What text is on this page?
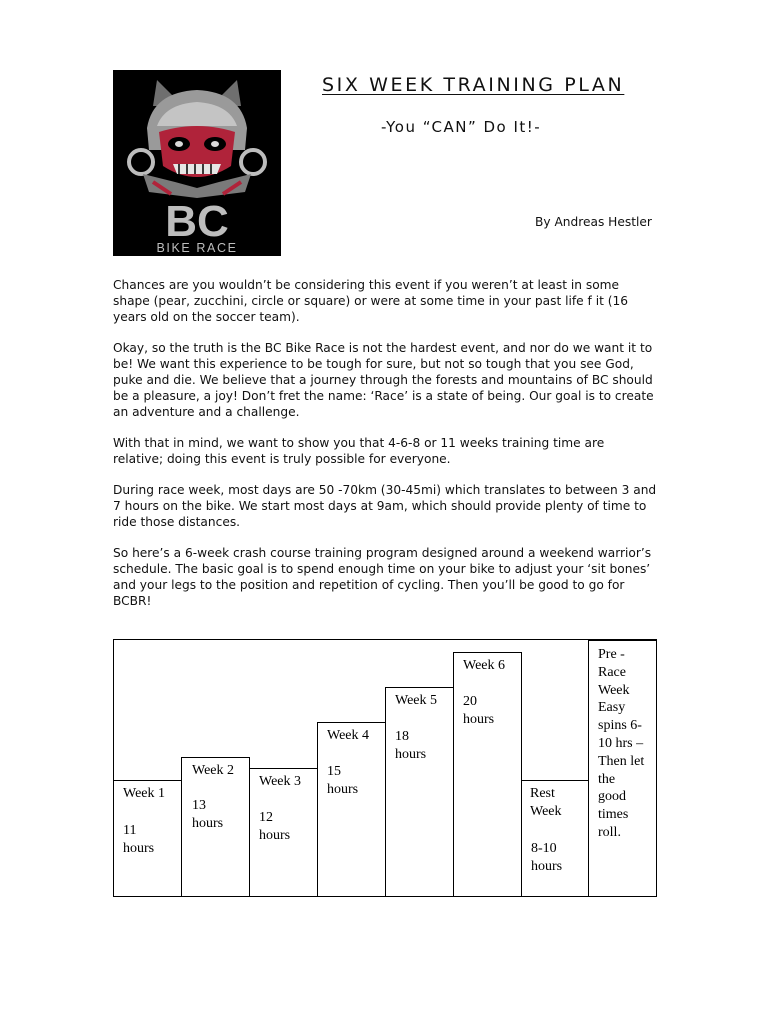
BC
BIKE RACE
SIX WEEK TRAINING PLAN
-You “CAN” Do It!-
By Andreas Hestler

Chances are you wouldn’t be considering this event if you weren’t at least in some shape (pear, zucchini, circle or square) or were at some time in your past life f it (16 years old on the soccer team).

Okay, so the truth is the BC Bike Race is not the hardest event, and nor do we want it to be! We want this experience to be tough for sure, but not so tough that you see God, puke and die. We believe that a journey through the forests and mountains of BC should be a pleasure, a joy! Don’t fret the name: ‘Race’ is a state of being. Our goal is to create an adventure and a challenge.

With that in mind, we want to show you that 4-6-8 or 11 weeks training time are relative; doing this event is truly possible for everyone.

During race week, most days are 50 -70km (30-45mi) which translates to between 3 and 7 hours on the bike. We start most days at 9am, which should provide plenty of time to ride those distances.

So here’s a 6-week crash course training program designed around a weekend warrior’s schedule. The basic goal is to spend enough time on your bike to adjust your ‘sit bones’ and your legs to the position and repetition of cycling. Then you’ll be good to go for BCBR!

Week 1
11 hours
Week 2
13 hours
Week 3
12 hours
Week 4
15 hours
Week 5
18 hours
Week 6
20 hours
Rest Week
8-10 hours
Pre - Race Week Easy spins 6-10 hrs – Then let the good times roll.
